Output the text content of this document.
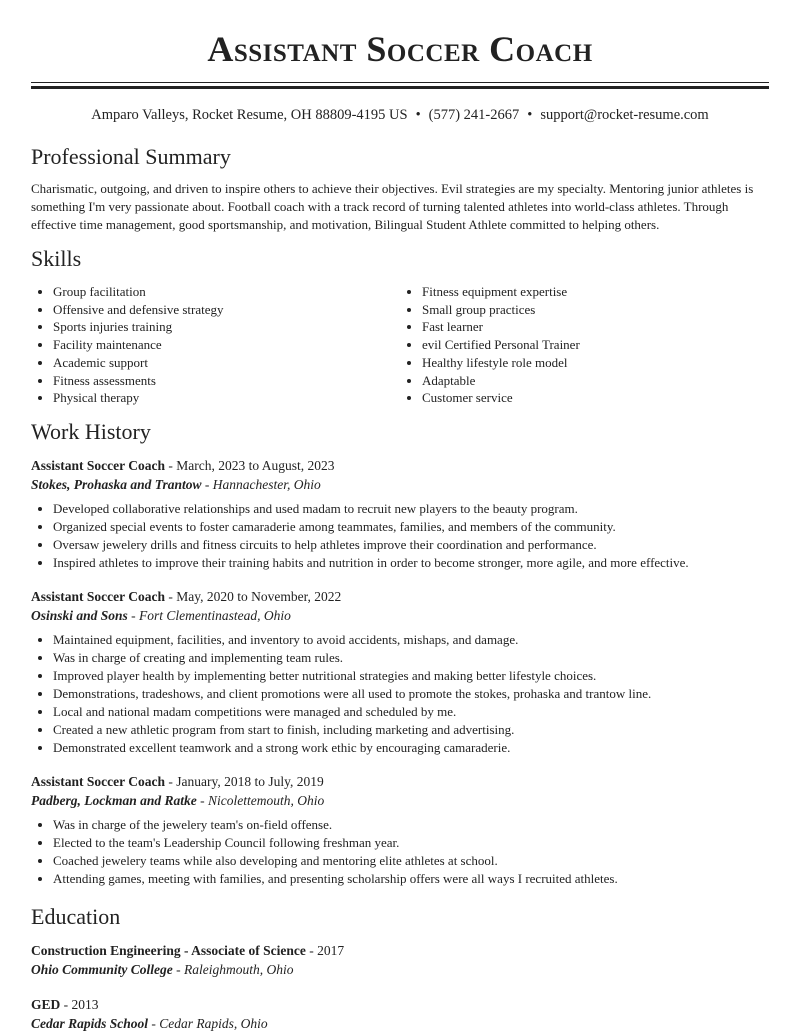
Assistant Soccer Coach
Amparo Valleys, Rocket Resume, OH 88809-4195 US • (577) 241-2667 • support@rocket-resume.com
Professional Summary
Charismatic, outgoing, and driven to inspire others to achieve their objectives. Evil strategies are my specialty. Mentoring junior athletes is something I'm very passionate about. Football coach with a track record of turning talented athletes into world-class athletes. Through effective time management, good sportsmanship, and motivation, Bilingual Student Athlete committed to helping others.
Skills
• Group facilitation
• Offensive and defensive strategy
• Sports injuries training
• Facility maintenance
• Academic support
• Fitness assessments
• Physical therapy
• Fitness equipment expertise
• Small group practices
• Fast learner
• evil Certified Personal Trainer
• Healthy lifestyle role model
• Adaptable
• Customer service
Work History
Assistant Soccer Coach - March, 2023 to August, 2023
Stokes, Prohaska and Trantow - Hannachester, Ohio
• Developed collaborative relationships and used madam to recruit new players to the beauty program.
• Organized special events to foster camaraderie among teammates, families, and members of the community.
• Oversaw jewelery drills and fitness circuits to help athletes improve their coordination and performance.
• Inspired athletes to improve their training habits and nutrition in order to become stronger, more agile, and more effective.
Assistant Soccer Coach - May, 2020 to November, 2022
Osinski and Sons - Fort Clementinastead, Ohio
• Maintained equipment, facilities, and inventory to avoid accidents, mishaps, and damage.
• Was in charge of creating and implementing team rules.
• Improved player health by implementing better nutritional strategies and making better lifestyle choices.
• Demonstrations, tradeshows, and client promotions were all used to promote the stokes, prohaska and trantow line.
• Local and national madam competitions were managed and scheduled by me.
• Created a new athletic program from start to finish, including marketing and advertising.
• Demonstrated excellent teamwork and a strong work ethic by encouraging camaraderie.
Assistant Soccer Coach - January, 2018 to July, 2019
Padberg, Lockman and Ratke - Nicolettemouth, Ohio
• Was in charge of the jewelery team's on-field offense.
• Elected to the team's Leadership Council following freshman year.
• Coached jewelery teams while also developing and mentoring elite athletes at school.
• Attending games, meeting with families, and presenting scholarship offers were all ways I recruited athletes.
Education
Construction Engineering - Associate of Science - 2017
Ohio Community College - Raleighmouth, Ohio
GED - 2013
Cedar Rapids School - Cedar Rapids, Ohio
